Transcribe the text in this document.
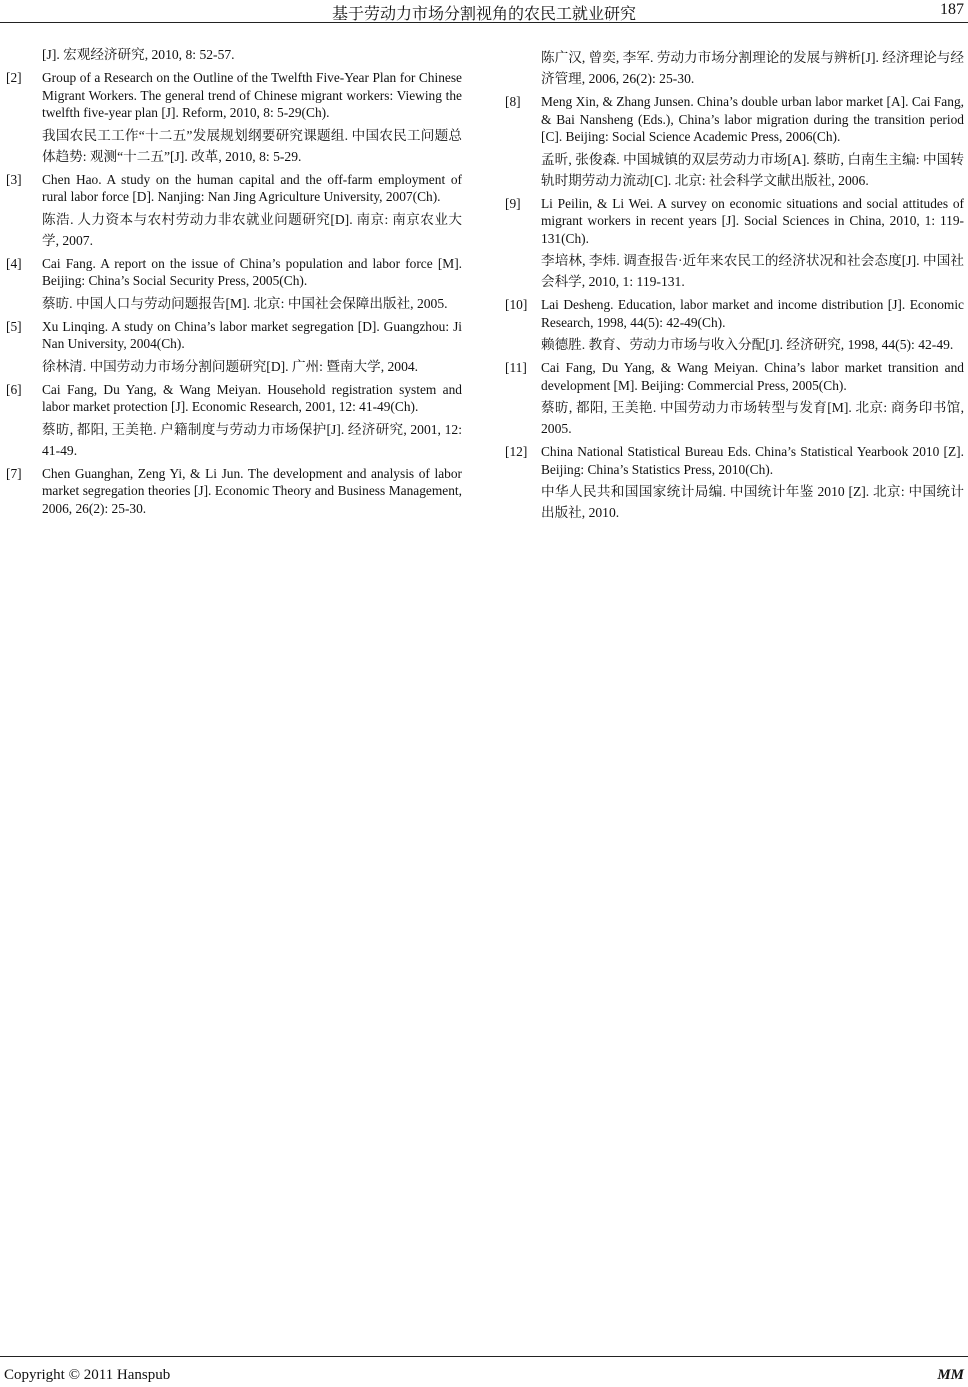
基于劳动力市场分割视角的农民工就业研究	187
[J]. 宏观经济研究, 2010, 8: 52-57.
[2] Group of a Research on the Outline of the Twelfth Five-Year Plan for Chinese Migrant Workers. The general trend of Chinese migrant workers: Viewing the twelfth five-year plan [J]. Reform, 2010, 8: 5-29(Ch).
我国农民工工作“十二五”发展规划纲要研究课题组. 中国农民工问题总体趋势: 观测“十二五”[J]. 改革, 2010, 8: 5-29.
[3] Chen Hao. A study on the human capital and the off-farm employment of rural labor force [D]. Nanjing: Nan Jing Agriculture University, 2007(Ch).
陈浩. 人力资本与农村劳动力非农就业问题研究[D]. 南京: 南京农业大学, 2007.
[4] Cai Fang. A report on the issue of China’s population and labor force [M]. Beijing: China’s Social Security Press, 2005(Ch).
蔡昉. 中国人口与劳动问题报告[M]. 北京: 中国社会保障出版社, 2005.
[5] Xu Linqing. A study on China’s labor market segregation [D]. Guangzhou: Ji Nan University, 2004(Ch).
徐林清. 中国劳动力市场分割问题研究[D]. 广州: 暨南大学, 2004.
[6] Cai Fang, Du Yang, & Wang Meiyan. Household registration system and labor market protection [J]. Economic Research, 2001, 12: 41-49(Ch).
蔡昉, 都阳, 王美艳. 户籍制度与劳动力市场保护[J]. 经济研究, 2001, 12: 41-49.
[7] Chen Guanghan, Zeng Yi, & Li Jun. The development and analysis of labor market segregation theories [J]. Economic Theory and Business Management, 2006, 26(2): 25-30.
陈广汉, 曾奕, 李军. 劳动力市场分割理论的发展与辨析[J]. 经济理论与经济管理, 2006, 26(2): 25-30.
[8] Meng Xin, & Zhang Junsen. China’s double urban labor market [A]. Cai Fang, & Bai Nansheng (Eds.), China’s labor migration during the transition period [C]. Beijing: Social Science Academic Press, 2006(Ch).
孟昕, 张俊森. 中国城镇的双层劳动力市场[A]. 蔡昉, 白南生主编: 中国转轨时期劳动力流动[C]. 北京: 社会科学文献出版社, 2006.
[9] Li Peilin, & Li Wei. A survey on economic situations and social attitudes of migrant workers in recent years [J]. Social Sciences in China, 2010, 1: 119-131(Ch).
李培林, 李炜. 调查报告·近年来农民工的经济状况和社会态度[J]. 中国社会科学, 2010, 1: 119-131.
[10] Lai Desheng. Education, labor market and income distribution [J]. Economic Research, 1998, 44(5): 42-49(Ch).
赖德胜. 教育、劳动力市场与收入分配[J]. 经济研究, 1998, 44(5): 42-49.
[11] Cai Fang, Du Yang, & Wang Meiyan. China’s labor market transition and development [M]. Beijing: Commercial Press, 2005(Ch).
蔡昉, 都阳, 王美艳. 中国劳动力市场转型与发育[M]. 北京: 商务印书馆, 2005.
[12] China National Statistical Bureau Eds. China’s Statistical Yearbook 2010 [Z]. Beijing: China’s Statistics Press, 2010(Ch).
中华人民共和国国家统计局编. 中国统计年鉴 2010 [Z]. 北京: 中国统计出版社, 2010.
Copyright © 2011 Hanspub	MM
